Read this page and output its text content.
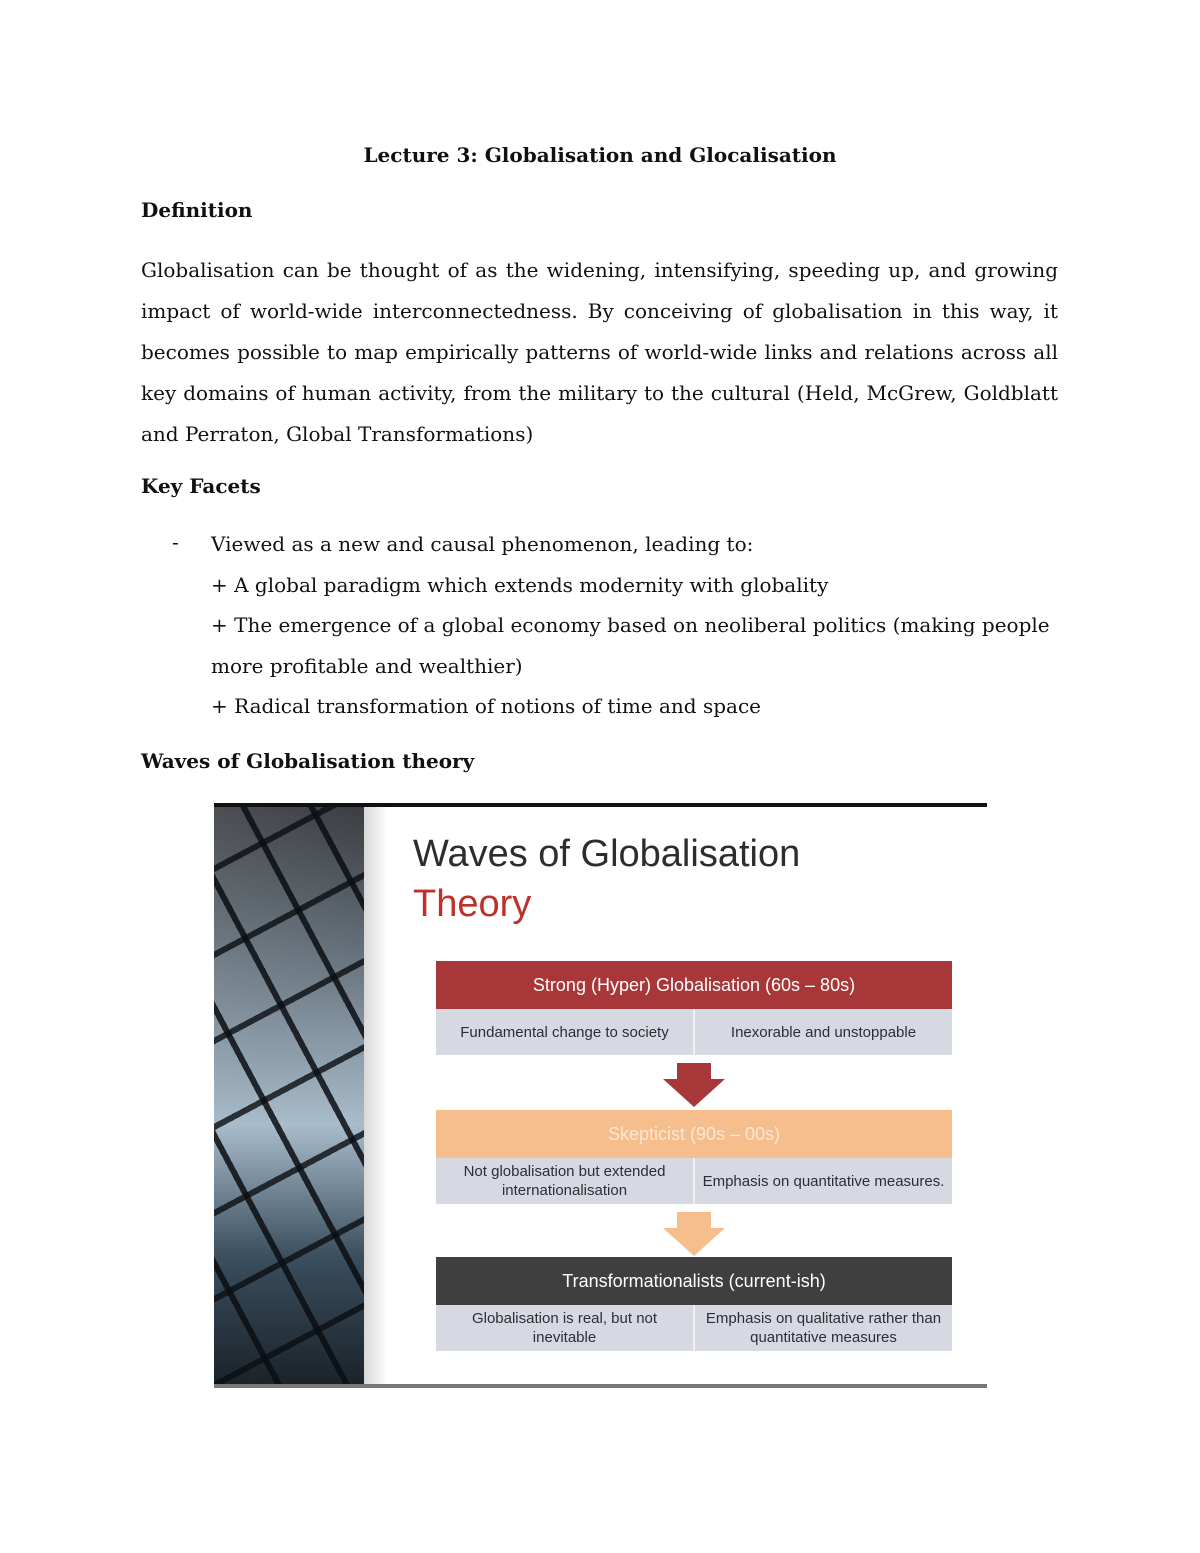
Lecture 3: Globalisation and Glocalisation
Definition
Globalisation can be thought of as the widening, intensifying, speeding up, and growing impact of world-wide interconnectedness. By conceiving of globalisation in this way, it becomes possible to map empirically patterns of world-wide links and relations across all key domains of human activity, from the military to the cultural (Held, McGrew, Goldblatt and Perraton, Global Transformations)
Key Facets
- Viewed as a new and causal phenomenon, leading to:
+ A global paradigm which extends modernity with globality
+ The emergence of a global economy based on neoliberal politics (making people more profitable and wealthier)
+ Radical transformation of notions of time and space
Waves of Globalisation theory
Waves of Globalisation
Theory
Strong (Hyper) Globalisation (60s – 80s)
Fundamental change to society	Inexorable and unstoppable
Skepticist (90s – 00s)
Not globalisation but extended internationalisation
Emphasis on quantitative measures.
Transformationalists (current-ish)
Globalisation is real, but not inevitable
Emphasis on qualitative rather than quantitative measures
